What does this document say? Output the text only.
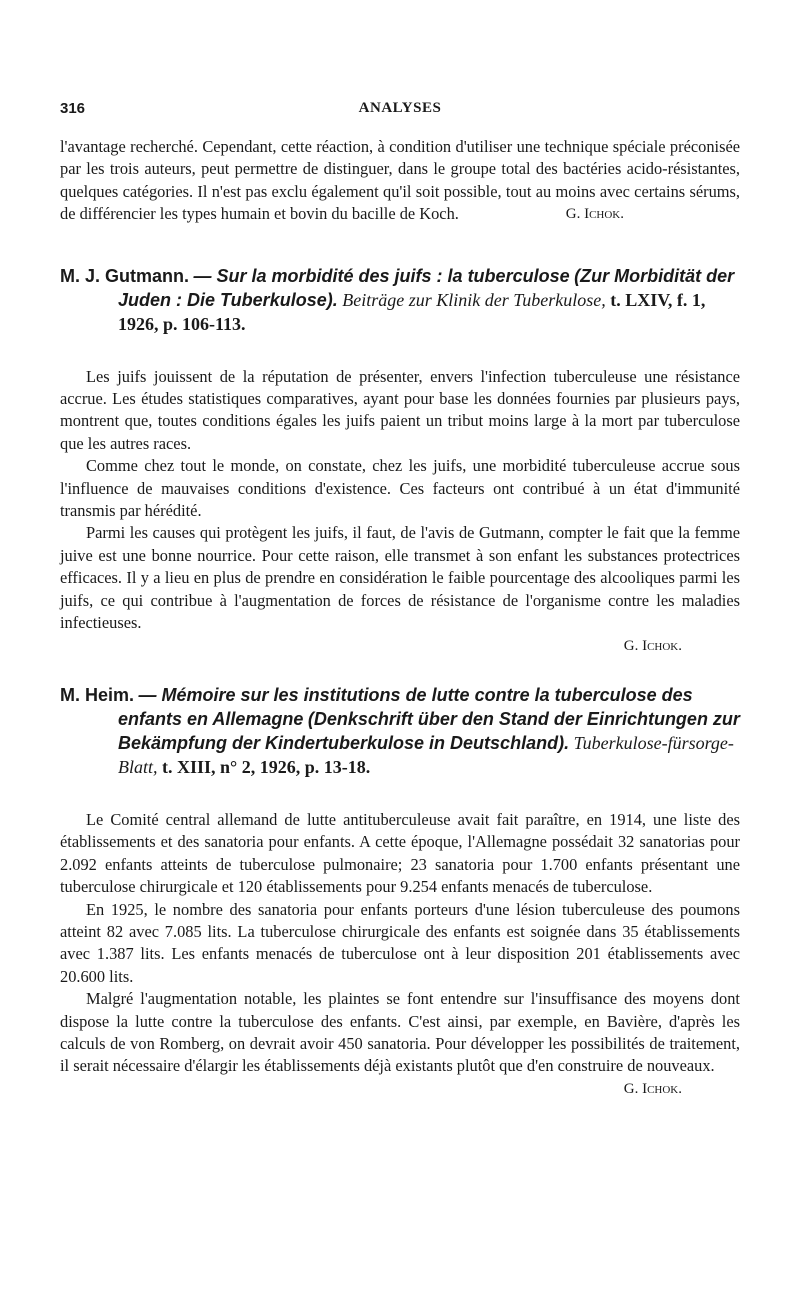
316	ANALYSES

l'avantage recherché. Cependant, cette réaction, à condition d'utiliser une technique spéciale préconisée par les trois auteurs, peut permettre de distinguer, dans le groupe total des bactéries acido-résistantes, quelques catégories. Il n'est pas exclu également qu'il soit possible, tout au moins avec certains sérums, de différencier les types humain et bovin du bacille de Koch.	G. Ichok.

M. J. Gutmann. — Sur la morbidité des juifs : la tuberculose (Zur Morbidität der Juden : Die Tuberkulose). Beiträge zur Klinik der Tuberkulose, t. LXIV, f. 1, 1926, p. 106-113.

Les juifs jouissent de la réputation de présenter, envers l'infection tuberculeuse une résistance accrue. Les études statistiques comparatives, ayant pour base les données fournies par plusieurs pays, montrent que, toutes conditions égales les juifs paient un tribut moins large à la mort par tuberculose que les autres races.

Comme chez tout le monde, on constate, chez les juifs, une morbidité tuberculeuse accrue sous l'influence de mauvaises conditions d'existence. Ces facteurs ont contribué à un état d'immunité transmis par hérédité.

Parmi les causes qui protègent les juifs, il faut, de l'avis de Gutmann, compter le fait que la femme juive est une bonne nourrice. Pour cette raison, elle transmet à son enfant les substances protectrices efficaces. Il y a lieu en plus de prendre en considération le faible pourcentage des alcooliques parmi les juifs, ce qui contribue à l'augmentation de forces de résistance de l'organisme contre les maladies infectieuses.

G. Ichok.
M. Heim. — Mémoire sur les institutions de lutte contre la tuberculose des enfants en Allemagne (Denkschrift über den Stand der Einrichtungen zur Bekämpfung der Kindertuberkulose in Deutschland). Tuberkulose-fürsorge-Blatt, t. XIII, n° 2, 1926, p. 13-18.

Le Comité central allemand de lutte antituberculeuse avait fait paraître, en 1914, une liste des établissements et des sanatoria pour enfants. A cette époque, l'Allemagne possédait 32 sanatorias pour 2.092 enfants atteints de tuberculose pulmonaire; 23 sanatoria pour 1.700 enfants présentant une tuberculose chirurgicale et 120 établissements pour 9.254 enfants menacés de tuberculose.

En 1925, le nombre des sanatoria pour enfants porteurs d'une lésion tuberculeuse des poumons atteint 82 avec 7.085 lits. La tuberculose chirurgicale des enfants est soignée dans 35 établissements avec 1.387 lits. Les enfants menacés de tuberculose ont à leur disposition 201 établissements avec 20.600 lits.

Malgré l'augmentation notable, les plaintes se font entendre sur l'insuffisance des moyens dont dispose la lutte contre la tuberculose des enfants. C'est ainsi, par exemple, en Bavière, d'après les calculs de von Romberg, on devrait avoir 450 sanatoria. Pour développer les possibilités de traitement, il serait nécessaire d'élargir les établissements déjà existants plutôt que d'en construire de nouveaux.

G. Ichok.
